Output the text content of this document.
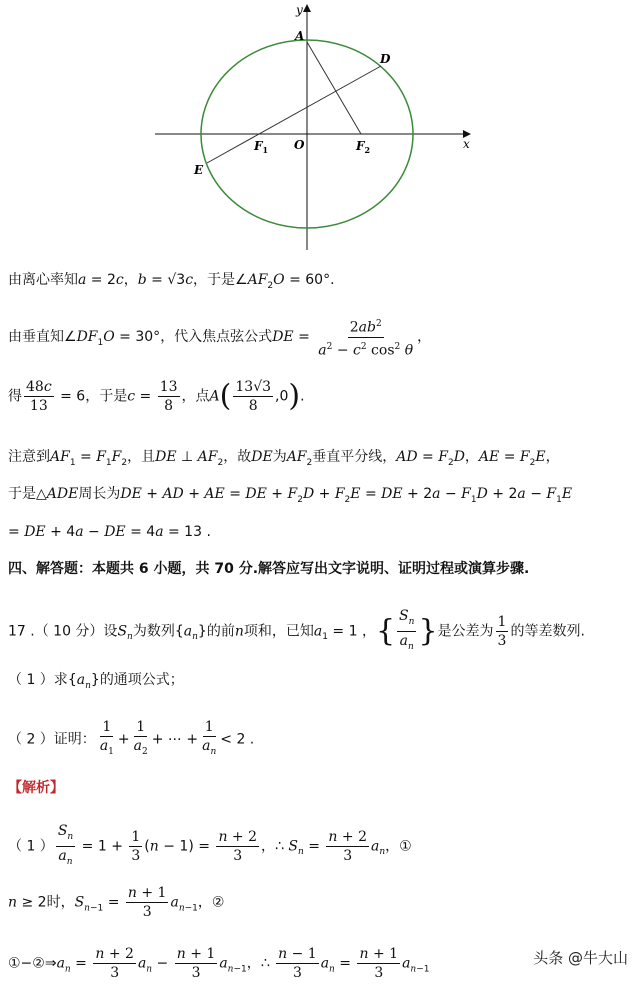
y
x
O
A
D
E
$F_1$	$F_2$
由离心率知a = 2c，b = √3c，于是$\angle AF_2O = 60^\circ$.
由垂直知$\angle DF_1O = 30^\circ$，代入焦点弦公式DE = $\frac{2ab^2}{a^2 - c^2 \cos^2 \theta}$ ，
得 $\frac{48c}{13} = 6$，于是$c = \frac{13}{8}$ ，点$A( \frac{13√3}{8} ,0)$.
注意到$AF_1 = F_1F_2$，且DE ⊥ $AF_2$，故DE为$AF_2$垂直平分线，AD = $F_2D$，AE = $F_2E$，
于是△ADE周长为DE + AD + AE = DE + $F_2D + F_2E$ = DE + $2a - F_1D + 2a - F_1E$
= DE + 4a − DE = 4a = 13 .
四、解答题：本题共 6 小题，共 70 分.解答应写出文字说明、证明过程或演算步骤.
17 .（ 10 分）设$S_n$为数列$\{a_n\}$的前n项和，已知$a_1 = 1$ ，{ $\frac{S_n}{a_n}$ }是公差为 $\frac{1}{3}$ 的等差数列.
（ 1 ）求$\{a_n\}$的通项公式；
（ 2 ）证明： $\frac{1}{a_1} + \frac{1}{a_2}$ + ⋯ + $\frac{1}{a_n} < 2$ .
【解析】
（ 1 ） $\frac{S_n}{a_n} = 1 + \frac{1}{3} (n - 1) = \frac{n + 2}{3}$ ，∴ $S_n = \frac{n + 2}{3} a_n$，①
n ≥ 2时，$S_{n-1} = \frac{n + 1}{3} a_{n-1}$，②
$①-②\Rightarrow a_n = \frac{n + 2}{3} a_n - \frac{n + 1}{3} a_{n-1}$，∴ $\frac{n - 1}{3} a_n = \frac{n + 1}{3} a_{n-1}$
头条 @牛大山
